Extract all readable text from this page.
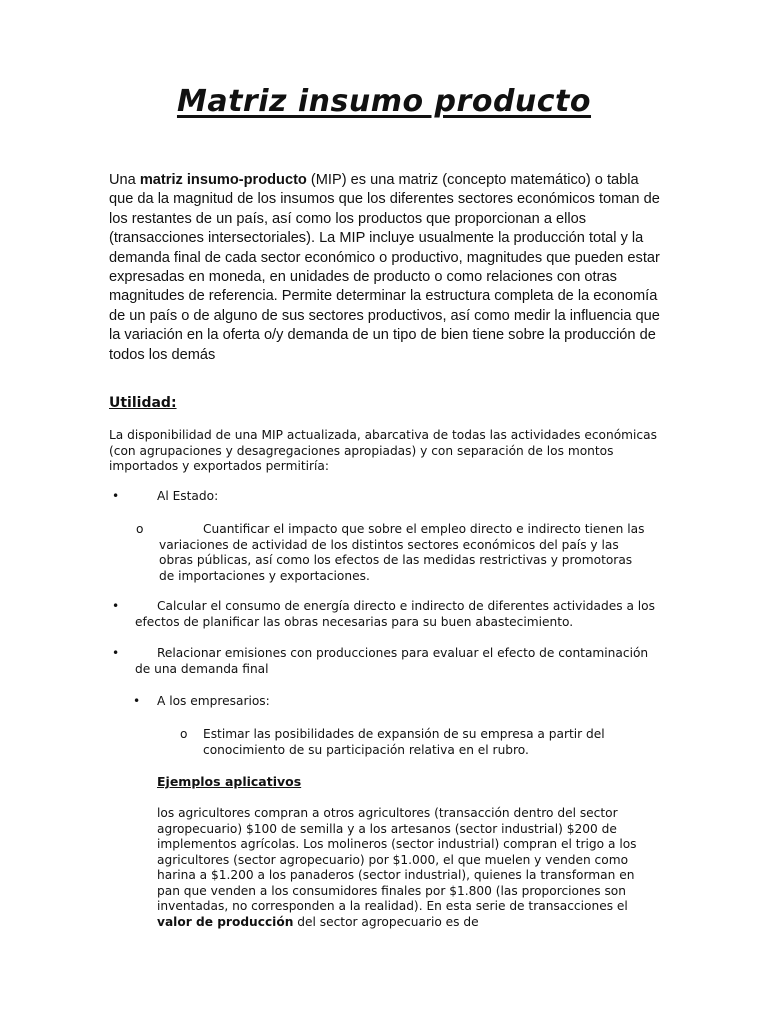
Matriz insumo producto

Una matriz insumo-producto (MIP) es una matriz (concepto matemático) o tabla que da la magnitud de los insumos que los diferentes sectores económicos toman de los restantes de un país, así como los productos que proporcionan a ellos (transacciones intersectoriales). La MIP incluye usualmente la producción total y la demanda final de cada sector económico o productivo, magnitudes que pueden estar expresadas en moneda, en unidades de producto o como relaciones con otras magnitudes de referencia. Permite determinar la estructura completa de la economía de un país o de alguno de sus sectores productivos, así como medir la influencia que la variación en la oferta o/y demanda de un tipo de bien tiene sobre la producción de todos los demás

Utilidad:

La disponibilidad de una MIP actualizada, abarcativa de todas las actividades económicas (con agrupaciones y desagregaciones apropiadas) y con separación de los montos importados y exportados permitiría:

•	Al Estado:
o	Cuantificar el impacto que sobre el empleo directo e indirecto tienen las variaciones de actividad de los distintos sectores económicos del país y las obras públicas, así como los efectos de las medidas restrictivas y promotoras de importaciones y exportaciones.

•	Calcular el consumo de energía directo e indirecto de diferentes actividades a los efectos de planificar las obras necesarias para su buen abastecimiento.

•	Relacionar emisiones con producciones para evaluar el efecto de contaminación de una demanda final

• A los empresarios:
o Estimar las posibilidades de expansión de su empresa a partir del conocimiento de su participación relativa en el rubro.

Ejemplos aplicativos

los agricultores compran a otros agricultores (transacción dentro del sector agropecuario) $100 de semilla y a los artesanos (sector industrial) $200 de implementos agrícolas. Los molineros (sector industrial) compran el trigo a los agricultores (sector agropecuario) por $1.000, el que muelen y venden como harina a $1.200 a los panaderos (sector industrial), quienes la transforman en pan que venden a los consumidores finales por $1.800 (las proporciones son inventadas, no corresponden a la realidad). En esta serie de transacciones el valor de producción del sector agropecuario es de
